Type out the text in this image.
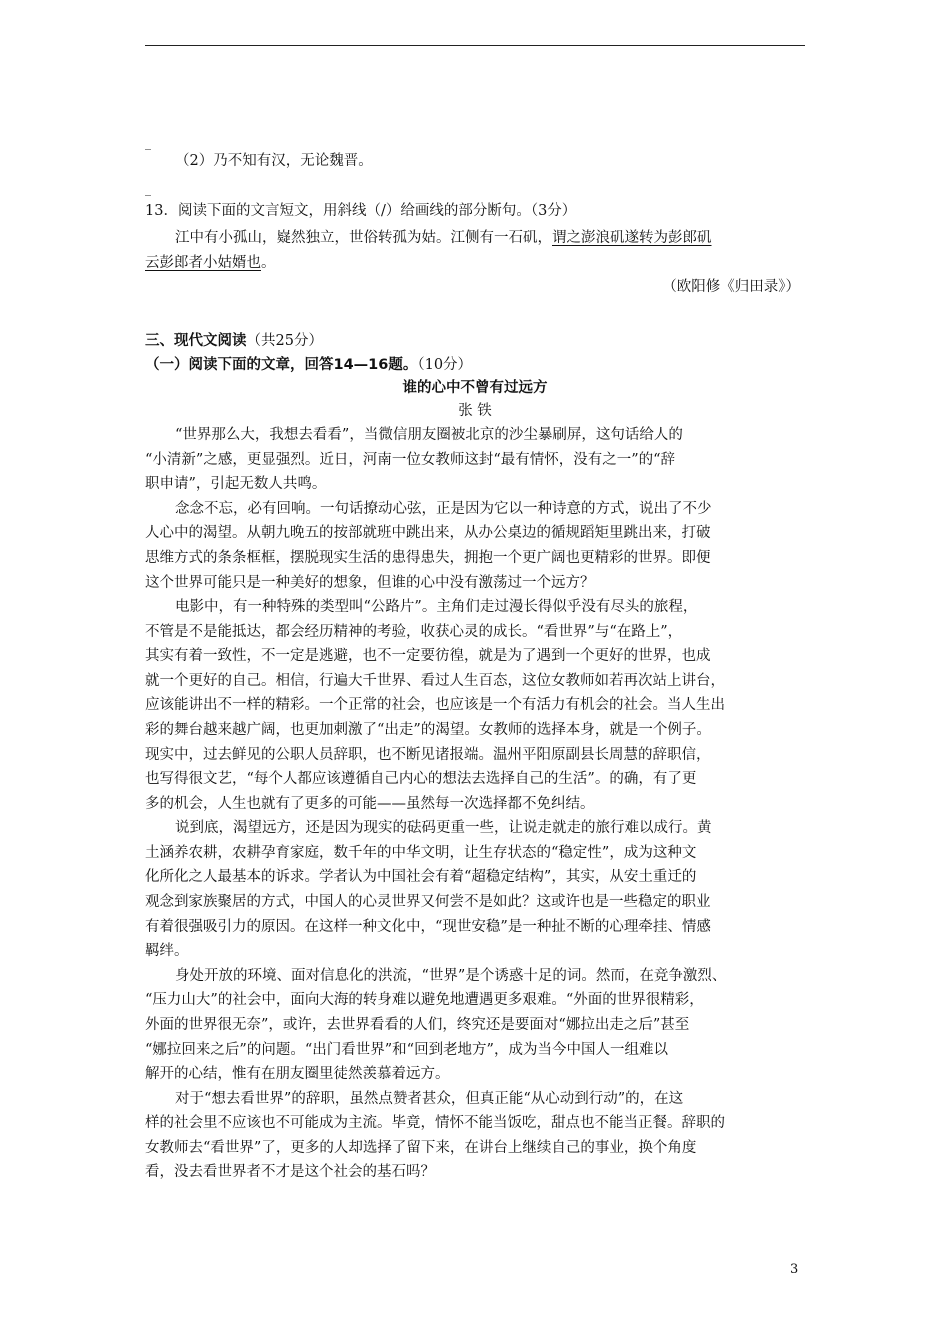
_
（2）乃不知有汉，无论魏晋。
_
13．阅读下面的文言短文，用斜线（/）给画线的部分断句。（3分）
江中有小孤山，嶷然独立，世俗转孤为姑。江侧有一石矶，谓之澎浪矶遂转为彭郎矶
云彭郎者小姑婿也。
（欧阳修《归田录》）
三、现代文阅读（共25分）
（一）阅读下面的文章，回答14—16题。（10分）
谁的心中不曾有过远方
张 铁
“世界那么大，我想去看看”，当微信朋友圈被北京的沙尘暴刷屏，这句话给人的
“小清新”之感，更显强烈。近日，河南一位女教师这封“最有情怀，没有之一”的“辞
职申请”，引起无数人共鸣。
念念不忘，必有回响。一句话撩动心弦，正是因为它以一种诗意的方式，说出了不少
人心中的渴望。从朝九晚五的按部就班中跳出来，从办公桌边的循规蹈矩里跳出来，打破
思维方式的条条框框，摆脱现实生活的患得患失，拥抱一个更广阔也更精彩的世界。即便
这个世界可能只是一种美好的想象，但谁的心中没有激荡过一个远方？
电影中，有一种特殊的类型叫“公路片”。主角们走过漫长得似乎没有尽头的旅程，
不管是不是能抵达，都会经历精神的考验，收获心灵的成长。“看世界”与“在路上”，
其实有着一致性，不一定是逃避，也不一定要彷徨，就是为了遇到一个更好的世界，也成
就一个更好的自己。相信，行遍大千世界、看过人生百态，这位女教师如若再次站上讲台，
应该能讲出不一样的精彩。一个正常的社会，也应该是一个有活力有机会的社会。当人生出
彩的舞台越来越广阔，也更加刺激了“出走”的渴望。女教师的选择本身，就是一个例子。
现实中，过去鲜见的公职人员辞职，也不断见诸报端。温州平阳原副县长周慧的辞职信，
也写得很文艺，“每个人都应该遵循自己内心的想法去选择自己的生活”。的确，有了更
多的机会，人生也就有了更多的可能——虽然每一次选择都不免纠结。
说到底，渴望远方，还是因为现实的砝码更重一些，让说走就走的旅行难以成行。黄
土涵养农耕，农耕孕育家庭，数千年的中华文明，让生存状态的“稳定性”，成为这种文
化所化之人最基本的诉求。学者认为中国社会有着“超稳定结构”，其实，从安土重迁的
观念到家族聚居的方式，中国人的心灵世界又何尝不是如此？这或许也是一些稳定的职业
有着很强吸引力的原因。在这样一种文化中，“现世安稳”是一种扯不断的心理牵挂、情感
羁绊。
身处开放的环境、面对信息化的洪流，“世界”是个诱惑十足的词。然而，在竞争激烈、
“压力山大”的社会中，面向大海的转身难以避免地遭遇更多艰难。“外面的世界很精彩，
外面的世界很无奈”，或许，去世界看看的人们，终究还是要面对“娜拉出走之后”甚至
“娜拉回来之后”的问题。“出门看世界”和“回到老地方”，成为当今中国人一组难以
解开的心结，惟有在朋友圈里徒然羡慕着远方。
对于“想去看世界”的辞职，虽然点赞者甚众，但真正能“从心动到行动”的，在这
样的社会里不应该也不可能成为主流。毕竟，情怀不能当饭吃，甜点也不能当正餐。辞职的
女教师去“看世界”了，更多的人却选择了留下来，在讲台上继续自己的事业，换个角度
看，没去看世界者不才是这个社会的基石吗？
3
